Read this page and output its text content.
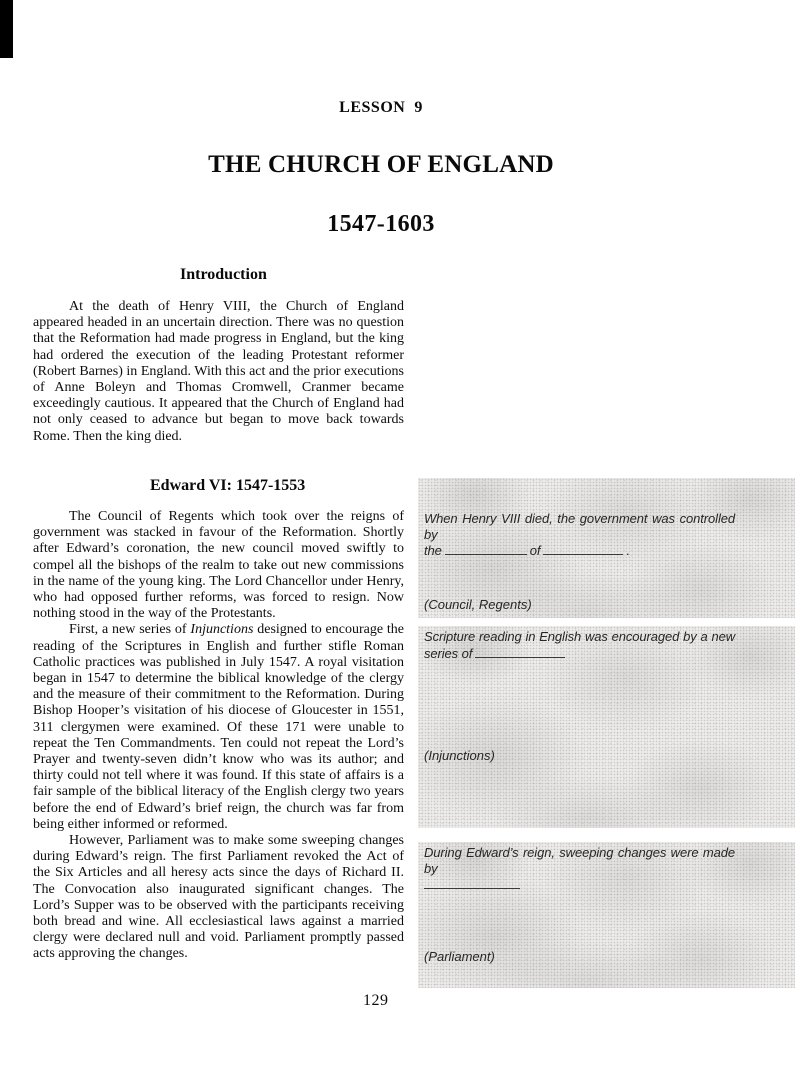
LESSON  9
THE CHURCH OF ENGLAND
1547-1603
Introduction

At the death of Henry VIII, the Church of England appeared headed in an uncertain direction. There was no question that the Reformation had made progress in England, but the king had ordered the execution of the leading Protestant reformer (Robert Barnes) in England. With this act and the prior executions of Anne Boleyn and Thomas Cromwell, Cranmer became exceedingly cautious. It appeared that the Church of England had not only ceased to advance but began to move back towards Rome. Then the king died.

Edward VI: 1547-1553

The Council of Regents which took over the reigns of government was stacked in favour of the Reformation. Shortly after Edward’s coronation, the new council moved swiftly to compel all the bishops of the realm to take out new commissions in the name of the young king. The Lord Chancellor under Henry, who had opposed further reforms, was forced to resign. Now nothing stood in the way of the Protestants.

First, a new series of Injunctions designed to encourage the reading of the Scriptures in English and further stifle Roman Catholic practices was published in July 1547. A royal visitation began in 1547 to determine the biblical knowledge of the clergy and the measure of their commitment to the Reformation. During Bishop Hooper’s visitation of his diocese of Gloucester in 1551, 311 clergymen were examined. Of these 171 were unable to repeat the Ten Commandments. Ten could not repeat the Lord’s Prayer and twenty-seven didn’t know who was its author; and thirty could not tell where it was found. If this state of affairs is a fair sample of the biblical literacy of the English clergy two years before the end of Edward’s brief reign, the church was far from being either informed or reformed.

However, Parliament was to make some sweeping changes during Edward’s reign. The first Parliament revoked the Act of the Six Articles and all heresy acts since the days of Richard II. The Convocation also inaugurated significant changes. The Lord’s Supper was to be observed with the participants receiving both bread and wine. All ecclesiastical laws against a married clergy were declared null and void. Parliament promptly passed acts approving the changes.

When Henry VIII died, the government was controlled by
the	of	.
(Council, Regents)
Scripture reading in English was encouraged by a new
series of
(Injunctions)
During Edward’s reign, sweeping changes were made by
(Parliament)
129
